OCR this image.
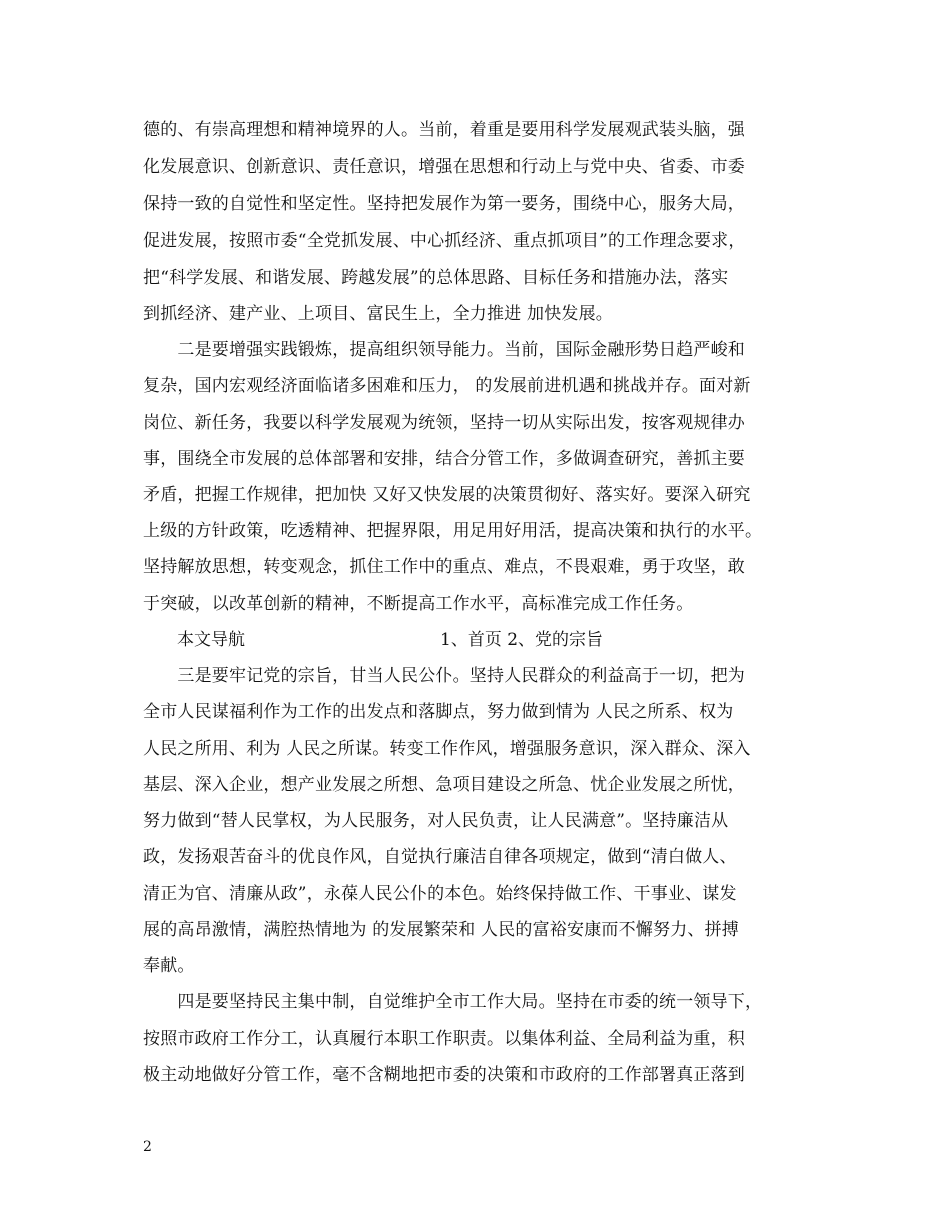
德的、有崇高理想和精神境界的人。当前，着重是要用科学发展观武装头脑，强
化发展意识、创新意识、责任意识，增强在思想和行动上与党中央、省委、市委
保持一致的自觉性和坚定性。坚持把发展作为第一要务，围绕中心，服务大局，
促进发展，按照市委“全党抓发展、中心抓经济、重点抓项目”的工作理念要求，
把“科学发展、和谐发展、跨越发展”的总体思路、目标任务和措施办法，落实
到抓经济、建产业、上项目、富民生上，全力推进 加快发展。
　　二是要增强实践锻炼，提高组织领导能力。当前，国际金融形势日趋严峻和
复杂，国内宏观经济面临诸多困难和压力， 的发展前进机遇和挑战并存。面对新
岗位、新任务，我要以科学发展观为统领，坚持一切从实际出发，按客观规律办
事，围绕全市发展的总体部署和安排，结合分管工作，多做调查研究，善抓主要
矛盾，把握工作规律，把加快 又好又快发展的决策贯彻好、落实好。要深入研究
上级的方针政策，吃透精神、把握界限，用足用好用活，提高决策和执行的水平。
坚持解放思想，转变观念，抓住工作中的重点、难点，不畏艰难，勇于攻坚，敢
于突破，以改革创新的精神，不断提高工作水平，高标准完成工作任务。
本文导航	1、首页 2、党的宗旨
　　三是要牢记党的宗旨，甘当人民公仆。坚持人民群众的利益高于一切，把为
全市人民谋福利作为工作的出发点和落脚点，努力做到情为 人民之所系、权为
人民之所用、利为 人民之所谋。转变工作作风，增强服务意识，深入群众、深入
基层、深入企业，想产业发展之所想、急项目建设之所急、忧企业发展之所忧，
努力做到“替人民掌权，为人民服务，对人民负责，让人民满意”。坚持廉洁从
政，发扬艰苦奋斗的优良作风，自觉执行廉洁自律各项规定，做到“清白做人、
清正为官、清廉从政”，永葆人民公仆的本色。始终保持做工作、干事业、谋发
展的高昂激情，满腔热情地为 的发展繁荣和 人民的富裕安康而不懈努力、拼搏
奉献。
　　四是要坚持民主集中制，自觉维护全市工作大局。坚持在市委的统一领导下，
按照市政府工作分工，认真履行本职工作职责。以集体利益、全局利益为重，积
极主动地做好分管工作，毫不含糊地把市委的决策和市政府的工作部署真正落到
2
